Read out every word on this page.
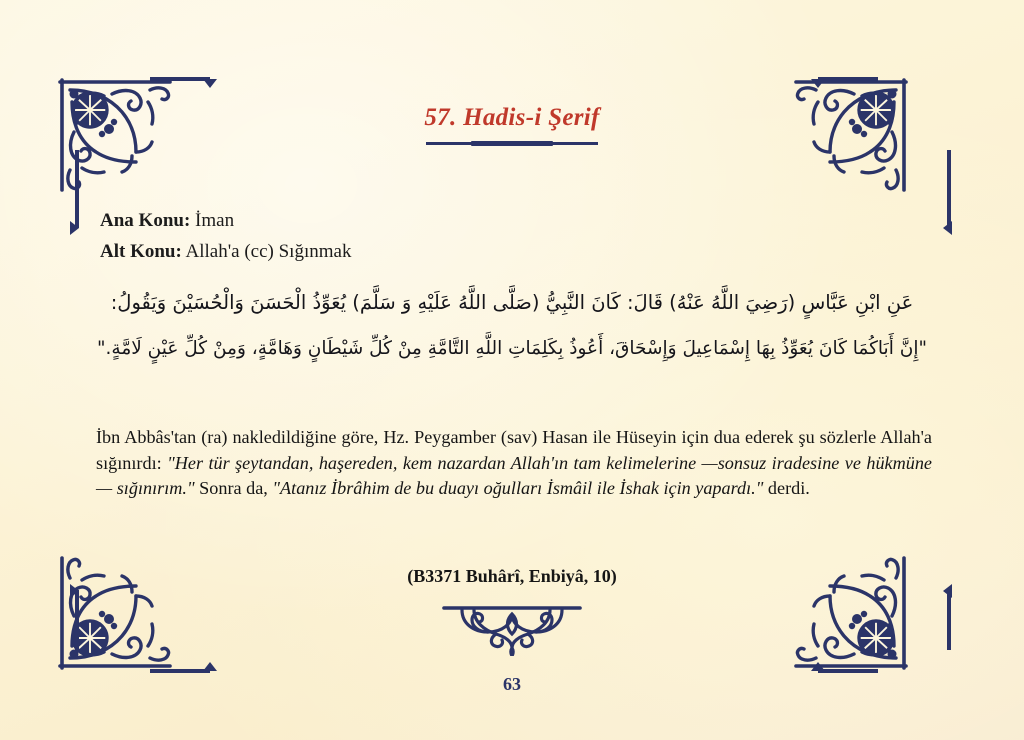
57. Hadis-i Şerif
Ana Konu: İman
Alt Konu: Allah'a (cc) Sığınmak
عَنِ ابْنِ عَبَّاسٍ (رَضِيَ اللَّهُ عَنْهُ) قَالَ: كَانَ النَّبِيُّ (صَلَّى اللَّهُ عَلَيْهِ وَ سَلَّمَ) يُعَوِّذُ الْحَسَنَ وَالْحُسَيْنَ وَيَقُولُ:
"إِنَّ أَبَاكُمَا كَانَ يُعَوِّذُ بِهَا إِسْمَاعِيلَ وَإِسْحَاقَ، أَعُوذُ بِكَلِمَاتِ اللَّهِ التَّامَّةِ مِنْ كُلِّ شَيْطَانٍ وَهَامَّةٍ، وَمِنْ كُلِّ عَيْنٍ لَامَّةٍ."
İbn Abbâs'tan (ra) nakledildiğine göre, Hz. Peygamber (sav) Hasan ile Hüseyin için dua ederek şu sözlerle Allah'a sığınırdı: "Her tür şeytandan, haşereden, kem nazardan Allah'ın tam kelimelerine —sonsuz iradesine ve hükmüne— sığınırım." Sonra da, "Atanız İbrâhim de bu duayı oğulları İsmâil ile İshak için yapardı." derdi.
(B3371 Buhârî, Enbiyâ, 10)
63
